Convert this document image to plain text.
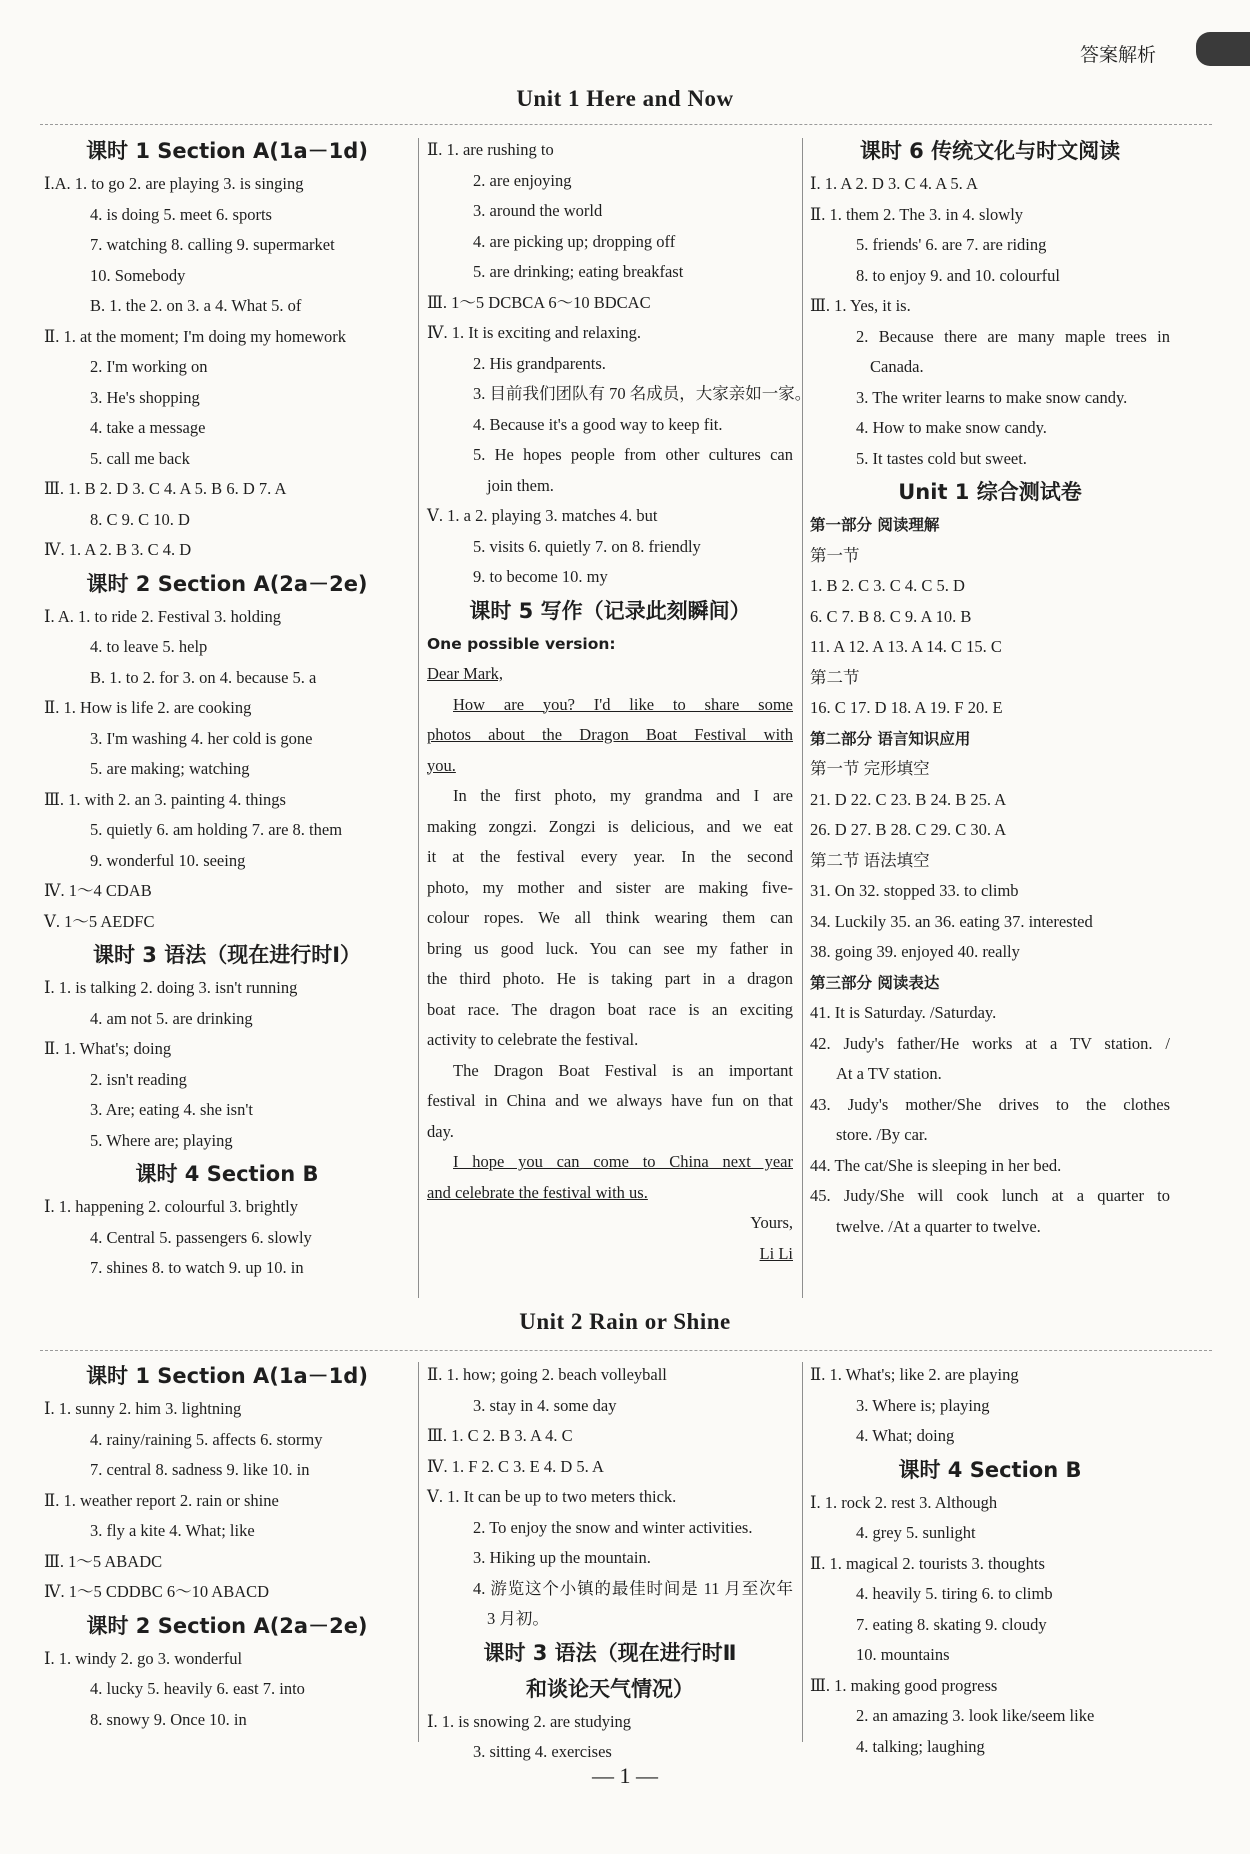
答案解析
Unit 1 Here and Now
课时 1 Section A(1a－1d)
Ⅰ.A. 1. to go 2. are playing 3. is singing
4. is doing 5. meet 6. sports
7. watching 8. calling 9. supermarket
10. Somebody
B. 1. the 2. on 3. a 4. What 5. of
Ⅱ. 1. at the moment; I'm doing my homework
2. I'm working on
3. He's shopping
4. take a message
5. call me back
Ⅲ. 1. B 2. D 3. C 4. A 5. B 6. D 7. A
8. C 9. C 10. D
Ⅳ. 1. A 2. B 3. C 4. D
课时 2 Section A(2a－2e)
Ⅰ. A. 1. to ride 2. Festival 3. holding
4. to leave 5. help
B. 1. to 2. for 3. on 4. because 5. a
Ⅱ. 1. How is life 2. are cooking
3. I'm washing 4. her cold is gone
5. are making; watching
Ⅲ. 1. with 2. an 3. painting 4. things
5. quietly 6. am holding 7. are 8. them
9. wonderful 10. seeing
Ⅳ. 1～4 CDAB
Ⅴ. 1～5 AEDFC
课时 3 语法（现在进行时Ⅰ）
Ⅰ. 1. is talking 2. doing 3. isn't running
4. am not 5. are drinking
Ⅱ. 1. What's; doing
2. isn't reading
3. Are; eating 4. she isn't
5. Where are; playing
课时 4 Section B
Ⅰ. 1. happening 2. colourful 3. brightly
4. Central 5. passengers 6. slowly
7. shines 8. to watch 9. up 10. in
Ⅱ. 1. are rushing to
2. are enjoying
3. around the world
4. are picking up; dropping off
5. are drinking; eating breakfast
Ⅲ. 1～5 DCBCA 6～10 BDCAC
Ⅳ. 1. It is exciting and relaxing.
2. His grandparents.
3. 目前我们团队有 70 名成员，大家亲如一家。
4. Because it's a good way to keep fit.
5. He hopes people from other cultures can
join them.
Ⅴ. 1. a 2. playing 3. matches 4. but
5. visits 6. quietly 7. on 8. friendly
9. to become 10. my
课时 5 写作（记录此刻瞬间）
One possible version:
Dear Mark,
How are you? I'd like to share some
photos about the Dragon Boat Festival with
you.
In the first photo, my grandma and I are
making zongzi. Zongzi is delicious, and we eat
it at the festival every year. In the second
photo, my mother and sister are making five-
colour ropes. We all think wearing them can
bring us good luck. You can see my father in
the third photo. He is taking part in a dragon
boat race. The dragon boat race is an exciting
activity to celebrate the festival.
The Dragon Boat Festival is an important
festival in China and we always have fun on that
day.
I hope you can come to China next year
and celebrate the festival with us.
Yours,
Li Li
课时 6 传统文化与时文阅读
Ⅰ. 1. A 2. D 3. C 4. A 5. A
Ⅱ. 1. them 2. The 3. in 4. slowly
5. friends' 6. are 7. are riding
8. to enjoy 9. and 10. colourful
Ⅲ. 1. Yes, it is.
2. Because there are many maple trees in
Canada.
3. The writer learns to make snow candy.
4. How to make snow candy.
5. It tastes cold but sweet.
Unit 1 综合测试卷
第一部分 阅读理解
第一节
1. B 2. C 3. C 4. C 5. D
6. C 7. B 8. C 9. A 10. B
11. A 12. A 13. A 14. C 15. C
第二节
16. C 17. D 18. A 19. F 20. E
第二部分 语言知识应用
第一节 完形填空
21. D 22. C 23. B 24. B 25. A
26. D 27. B 28. C 29. C 30. A
第二节 语法填空
31. On 32. stopped 33. to climb
34. Luckily 35. an 36. eating 37. interested
38. going 39. enjoyed 40. really
第三部分 阅读表达
41. It is Saturday. /Saturday.
42. Judy's father/He works at a TV station. /
At a TV station.
43. Judy's mother/She drives to the clothes
store. /By car.
44. The cat/She is sleeping in her bed.
45. Judy/She will cook lunch at a quarter to
twelve. /At a quarter to twelve.
Unit 2 Rain or Shine
课时 1 Section A(1a－1d)
Ⅰ. 1. sunny 2. him 3. lightning
4. rainy/raining 5. affects 6. stormy
7. central 8. sadness 9. like 10. in
Ⅱ. 1. weather report 2. rain or shine
3. fly a kite 4. What; like
Ⅲ. 1～5 ABADC
Ⅳ. 1～5 CDDBC 6～10 ABACD
课时 2 Section A(2a－2e)
Ⅰ. 1. windy 2. go 3. wonderful
4. lucky 5. heavily 6. east 7. into
8. snowy 9. Once 10. in
Ⅱ. 1. how; going 2. beach volleyball
3. stay in 4. some day
Ⅲ. 1. C 2. B 3. A 4. C
Ⅳ. 1. F 2. C 3. E 4. D 5. A
Ⅴ. 1. It can be up to two meters thick.
2. To enjoy the snow and winter activities.
3. Hiking up the mountain.
4. 游览这个小镇的最佳时间是 11 月至次年
3 月初。
课时 3 语法（现在进行时Ⅱ
和谈论天气情况）
Ⅰ. 1. is snowing 2. are studying
3. sitting 4. exercises
Ⅱ. 1. What's; like 2. are playing
3. Where is; playing
4. What; doing
课时 4 Section B
Ⅰ. 1. rock 2. rest 3. Although
4. grey 5. sunlight
Ⅱ. 1. magical 2. tourists 3. thoughts
4. heavily 5. tiring 6. to climb
7. eating 8. skating 9. cloudy
10. mountains
Ⅲ. 1. making good progress
2. an amazing 3. look like/seem like
4. talking; laughing
— 1 —
